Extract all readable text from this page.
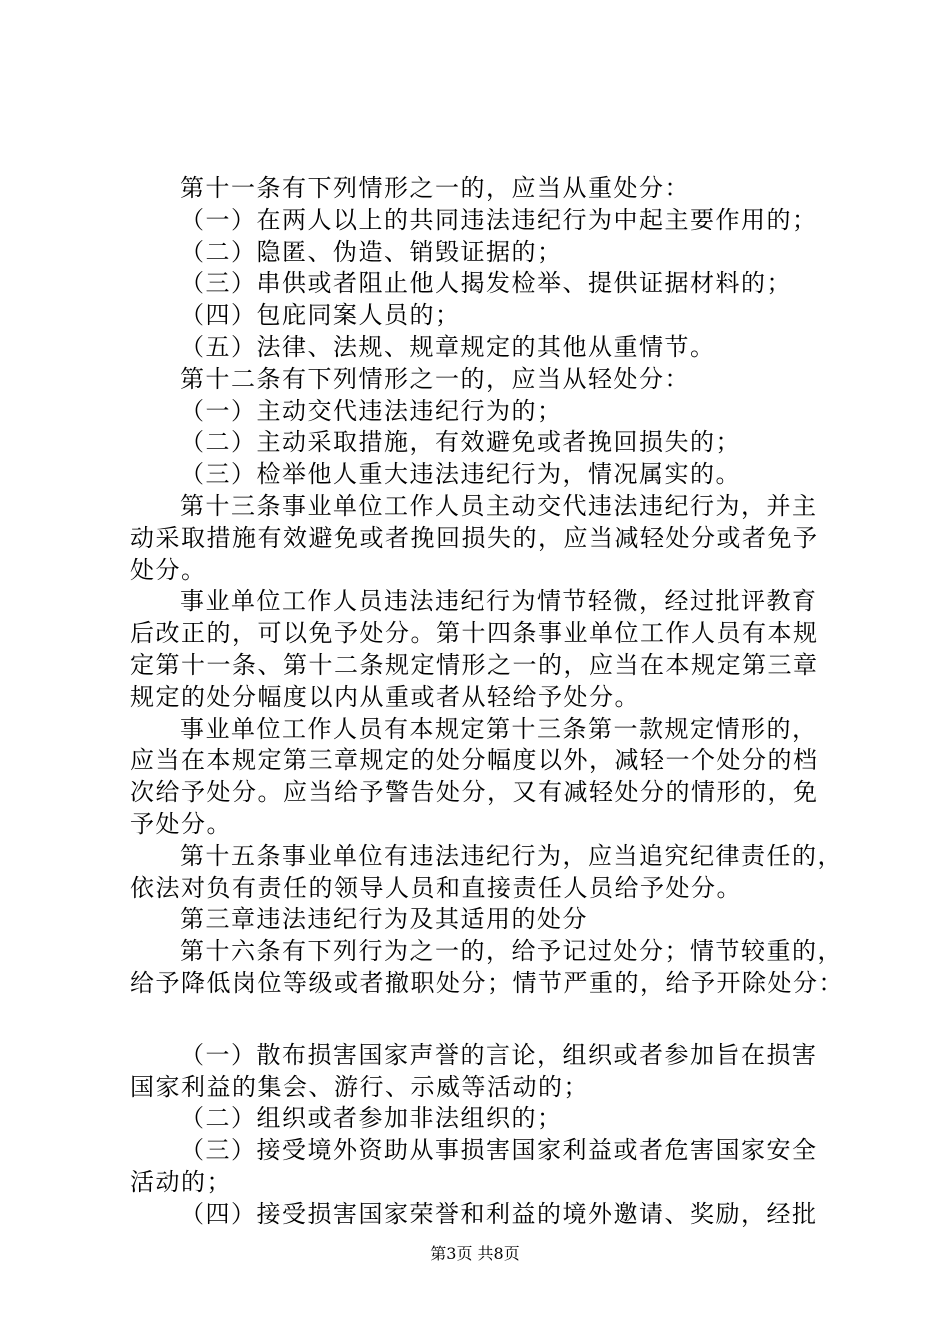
第十一条有下列情形之一的，应当从重处分：
（一）在两人以上的共同违法违纪行为中起主要作用的；
（二）隐匿、伪造、销毁证据的；
（三）串供或者阻止他人揭发检举、提供证据材料的；
（四）包庇同案人员的；
（五）法律、法规、规章规定的其他从重情节。
第十二条有下列情形之一的，应当从轻处分：
（一）主动交代违法违纪行为的；
（二）主动采取措施，有效避免或者挽回损失的；
（三）检举他人重大违法违纪行为，情况属实的。
第十三条事业单位工作人员主动交代违法违纪行为，并主
动采取措施有效避免或者挽回损失的，应当减轻处分或者免予
处分。
事业单位工作人员违法违纪行为情节轻微，经过批评教育
后改正的，可以免予处分。第十四条事业单位工作人员有本规
定第十一条、第十二条规定情形之一的，应当在本规定第三章
规定的处分幅度以内从重或者从轻给予处分。
事业单位工作人员有本规定第十三条第一款规定情形的，
应当在本规定第三章规定的处分幅度以外，减轻一个处分的档
次给予处分。应当给予警告处分，又有减轻处分的情形的，免
予处分。
第十五条事业单位有违法违纪行为，应当追究纪律责任的，
依法对负有责任的领导人员和直接责任人员给予处分。
第三章违法违纪行为及其适用的处分
第十六条有下列行为之一的，给予记过处分；情节较重的，
给予降低岗位等级或者撤职处分；情节严重的，给予开除处分：
（一）散布损害国家声誉的言论，组织或者参加旨在损害
国家利益的集会、游行、示威等活动的；
（二）组织或者参加非法组织的；
（三）接受境外资助从事损害国家利益或者危害国家安全
活动的；
（四）接受损害国家荣誉和利益的境外邀请、奖励，经批
第3页 共8页
